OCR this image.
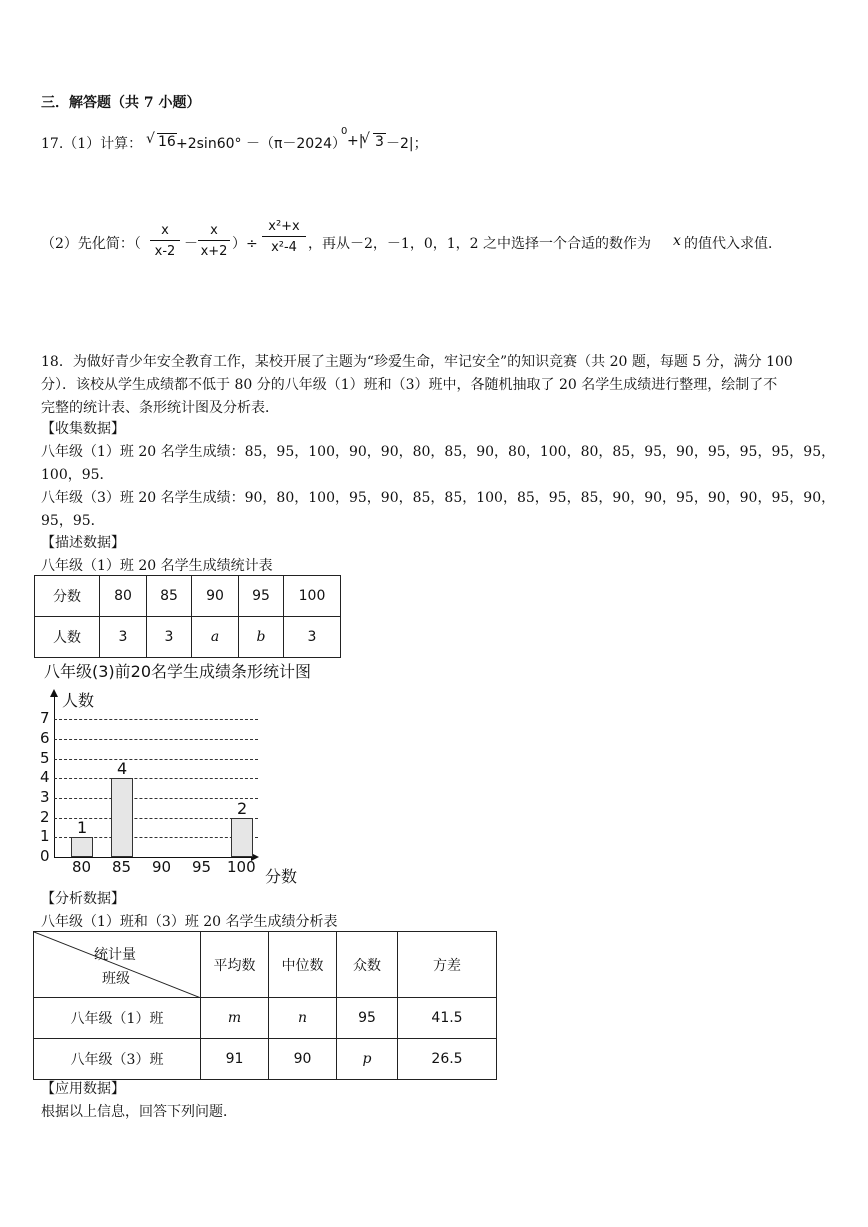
三．解答题（共 7 小题）
17.（1）计算： √ 16 +2sin60° －（π－2024）
0
+|
√ 3 －2|；
（2）先化简：（ $\frac{x}{x-2} - \frac{x}{x+2}$ ）÷ $\frac{\text{x²+x}}{\text{x²-4}}$ ，再从－2，－1，0，1，2 之中选择一个合适的数作为 x 的值代入求值．
18．为做好青少年安全教育工作，某校开展了主题为“珍爱生命，牢记安全”的知识竞赛（共 20 题，每题 5 分，满分 100
分）．该校从学生成绩都不低于 80 分的八年级（1）班和（3）班中，各随机抽取了 20 名学生成绩进行整理，绘制了不
完整的统计表、条形统计图及分析表．
【收集数据】
八年级（1）班 20 名学生成绩：85，95，100，90，90，80，85，90，80，100，80，85，95，90，95，95，95，95，
100，95．
八年级（3）班 20 名学生成绩：90，80，100，95，90，85，85，100，85，95，85，90，90，95，90，90，95，90，
95，95．
【描述数据】
八年级（1）班 20 名学生成绩统计表
分数	80	85	90	95	100
人数	3	3	a	b	3
八年级(3)前20名学生成绩条形统计图
人数
分数
0
1
2
3
4
5
6
7
80
1
85
4
90 95 100
2
【分析数据】
八年级（1）班和（3）班 20 名学生成绩分析表
统计量
班级	平均数	中位数	众数	方差
八年级（1）班	m	n	95	41.5
八年级（3）班	91	90	p	26.5
【应用数据】
根据以上信息，回答下列问题．
